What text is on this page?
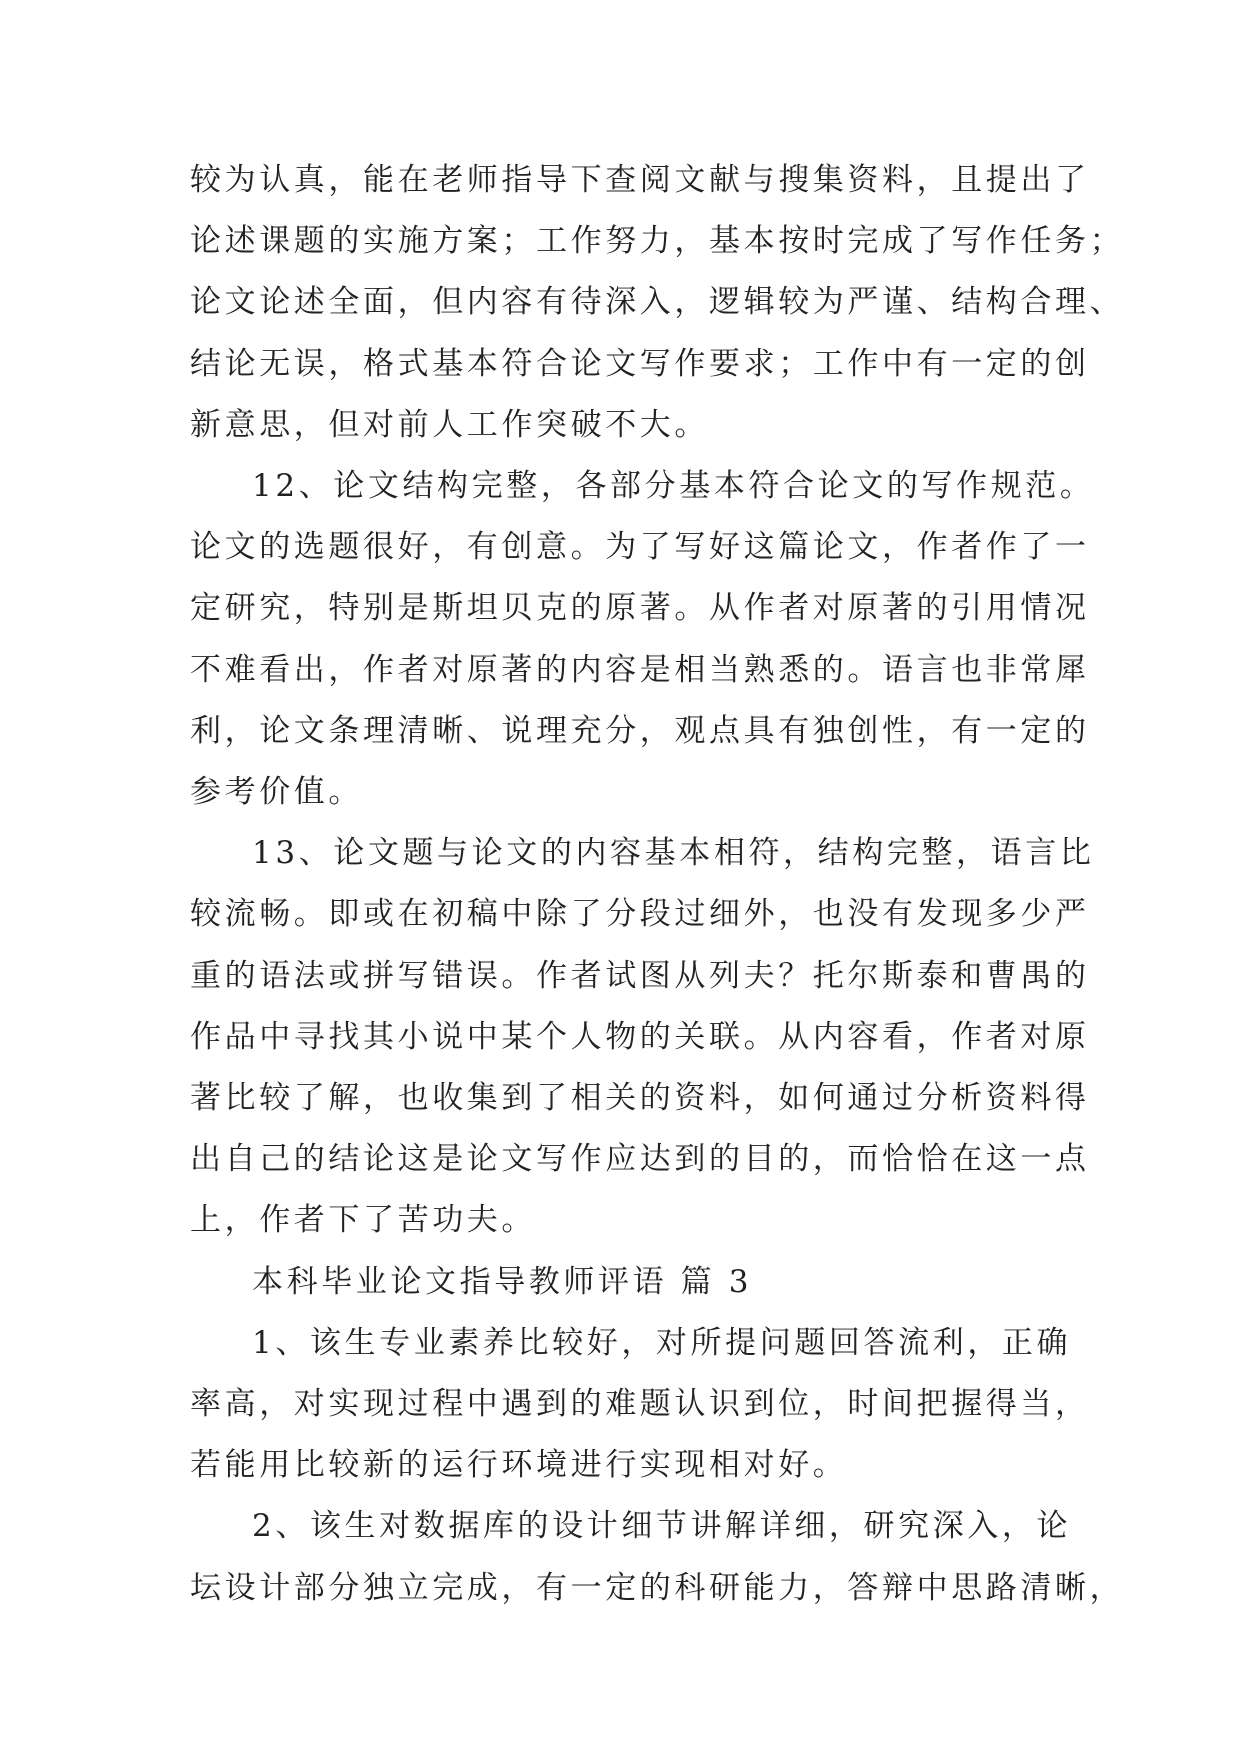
较为认真，能在老师指导下查阅文献与搜集资料，且提出了
论述课题的实施方案；工作努力，基本按时完成了写作任务；
论文论述全面，但内容有待深入，逻辑较为严谨、结构合理、
结论无误，格式基本符合论文写作要求；工作中有一定的创
新意思，但对前人工作突破不大。

12、论文结构完整，各部分基本符合论文的写作规范。
论文的选题很好，有创意。为了写好这篇论文，作者作了一
定研究，特别是斯坦贝克的原著。从作者对原著的引用情况
不难看出，作者对原著的内容是相当熟悉的。语言也非常犀
利，论文条理清晰、说理充分，观点具有独创性，有一定的
参考价值。

13、论文题与论文的内容基本相符，结构完整，语言比
较流畅。即或在初稿中除了分段过细外，也没有发现多少严
重的语法或拼写错误。作者试图从列夫？托尔斯泰和曹禺的
作品中寻找其小说中某个人物的关联。从内容看，作者对原
著比较了解，也收集到了相关的资料，如何通过分析资料得
出自己的结论这是论文写作应达到的目的，而恰恰在这一点
上，作者下了苦功夫。

本科毕业论文指导教师评语 篇 3

1、该生专业素养比较好，对所提问题回答流利，正确
率高，对实现过程中遇到的难题认识到位，时间把握得当，
若能用比较新的运行环境进行实现相对好。

2、该生对数据库的设计细节讲解详细，研究深入，论
坛设计部分独立完成，有一定的科研能力，答辩中思路清晰，
